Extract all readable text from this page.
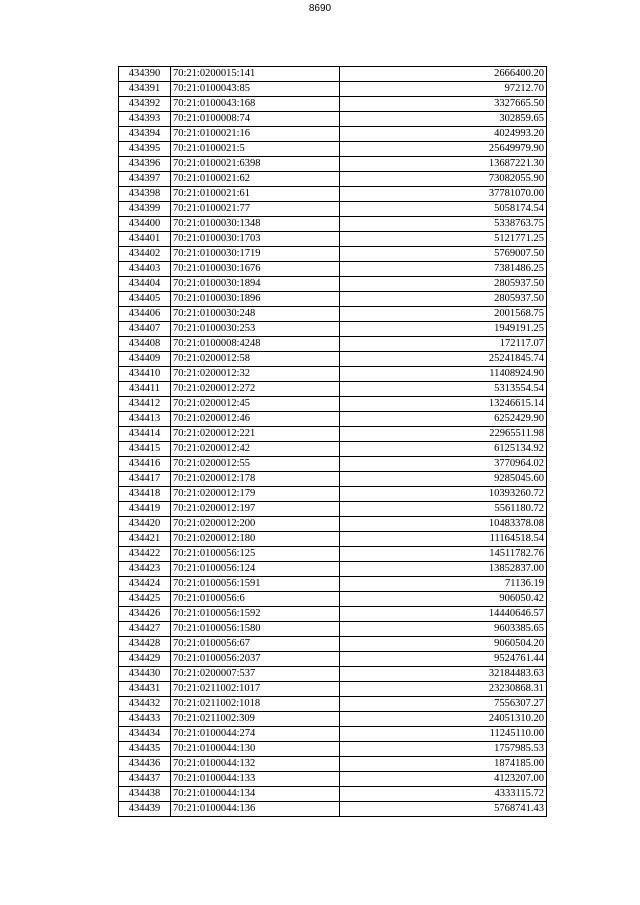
8690
434390	70:21:0200015:141	2666400.20
434391	70:21:0100043:85	97212.70
434392	70:21:0100043:168	3327665.50
434393	70:21:0100008:74	302859.65
434394	70:21:0100021:16	4024993.20
434395	70:21:0100021:5	25649979.90
434396	70:21:0100021:6398	13687221.30
434397	70:21:0100021:62	73082055.90
434398	70:21:0100021:61	37781070.00
434399	70:21:0100021:77	5058174.54
434400	70:21:0100030:1348	5338763.75
434401	70:21:0100030:1703	5121771.25
434402	70:21:0100030:1719	5769007.50
434403	70:21:0100030:1676	7381486.25
434404	70:21:0100030:1894	2805937.50
434405	70:21:0100030:1896	2805937.50
434406	70:21:0100030:248	2001568.75
434407	70:21:0100030:253	1949191.25
434408	70:21:0100008:4248	172117.07
434409	70:21:0200012:58	25241845.74
434410	70:21:0200012:32	11408924.90
434411	70:21:0200012:272	5313554.54
434412	70:21:0200012:45	13246615.14
434413	70:21:0200012:46	6252429.90
434414	70:21:0200012:221	22965511.98
434415	70:21:0200012:42	6125134.92
434416	70:21:0200012:55	3770964.02
434417	70:21:0200012:178	9285045.60
434418	70:21:0200012:179	10393260.72
434419	70:21:0200012:197	5561180.72
434420	70:21:0200012:200	10483378.08
434421	70:21:0200012:180	11164518.54
434422	70:21:0100056:125	14511782.76
434423	70:21:0100056:124	13852837.00
434424	70:21:0100056:1591	71136.19
434425	70:21:0100056:6	906050.42
434426	70:21:0100056:1592	14440646.57
434427	70:21:0100056:1580	9603385.65
434428	70:21:0100056:67	9060504.20
434429	70:21:0100056:2037	9524761.44
434430	70:21:0200007:537	32184483.63
434431	70:21:0211002:1017	23230868.31
434432	70:21:0211002:1018	7556307.27
434433	70:21:0211002:309	24051310.20
434434	70:21:0100044:274	11245110.00
434435	70:21:0100044:130	1757985.53
434436	70:21:0100044:132	1874185.00
434437	70:21:0100044:133	4123207.00
434438	70:21:0100044:134	4333115.72
434439	70:21:0100044:136	5768741.43
